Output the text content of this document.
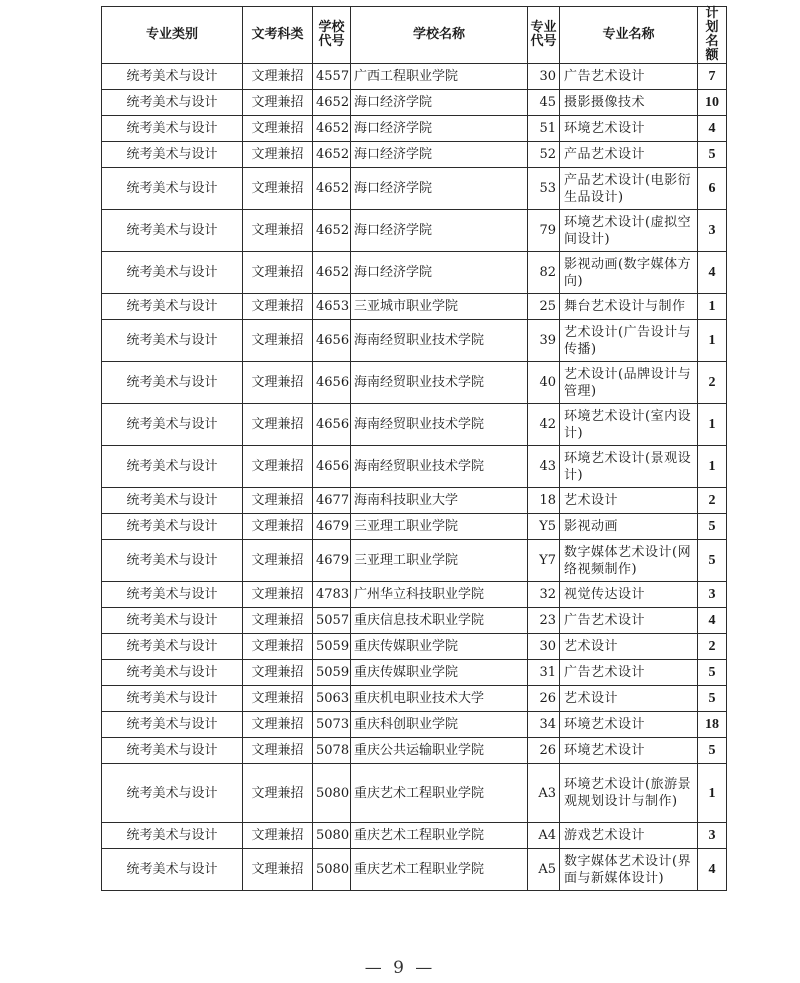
专业类别	文考科类	学校代号	学校名称	专业代号	专业名称	计划名额
统考美术与设计	文理兼招	4557	广西工程职业学院	30	广告艺术设计	7
统考美术与设计	文理兼招	4652	海口经济学院	45	摄影摄像技术	10
统考美术与设计	文理兼招	4652	海口经济学院	51	环境艺术设计	4
统考美术与设计	文理兼招	4652	海口经济学院	52	产品艺术设计	5
统考美术与设计	文理兼招	4652	海口经济学院	53	产品艺术设计(电影衍生品设计)	6
统考美术与设计	文理兼招	4652	海口经济学院	79	环境艺术设计(虚拟空间设计)	3
统考美术与设计	文理兼招	4652	海口经济学院	82	影视动画(数字媒体方向)	4
统考美术与设计	文理兼招	4653	三亚城市职业学院	25	舞台艺术设计与制作	1
统考美术与设计	文理兼招	4656	海南经贸职业技术学院	39	艺术设计(广告设计与传播)	1
统考美术与设计	文理兼招	4656	海南经贸职业技术学院	40	艺术设计(品牌设计与管理)	2
统考美术与设计	文理兼招	4656	海南经贸职业技术学院	42	环境艺术设计(室内设计)	1
统考美术与设计	文理兼招	4656	海南经贸职业技术学院	43	环境艺术设计(景观设计)	1
统考美术与设计	文理兼招	4677	海南科技职业大学	18	艺术设计	2
统考美术与设计	文理兼招	4679	三亚理工职业学院	Y5	影视动画	5
统考美术与设计	文理兼招	4679	三亚理工职业学院	Y7	数字媒体艺术设计(网络视频制作)	5
统考美术与设计	文理兼招	4783	广州华立科技职业学院	32	视觉传达设计	3
统考美术与设计	文理兼招	5057	重庆信息技术职业学院	23	广告艺术设计	4
统考美术与设计	文理兼招	5059	重庆传媒职业学院	30	艺术设计	2
统考美术与设计	文理兼招	5059	重庆传媒职业学院	31	广告艺术设计	5
统考美术与设计	文理兼招	5063	重庆机电职业技术大学	26	艺术设计	5
统考美术与设计	文理兼招	5073	重庆科创职业学院	34	环境艺术设计	18
统考美术与设计	文理兼招	5078	重庆公共运输职业学院	26	环境艺术设计	5
统考美术与设计	文理兼招	5080	重庆艺术工程职业学院	A3	环境艺术设计(旅游景观规划设计与制作)	1
统考美术与设计	文理兼招	5080	重庆艺术工程职业学院	A4	游戏艺术设计	3
统考美术与设计	文理兼招	5080	重庆艺术工程职业学院	A5	数字媒体艺术设计(界面与新媒体设计)	4
— 9 —
